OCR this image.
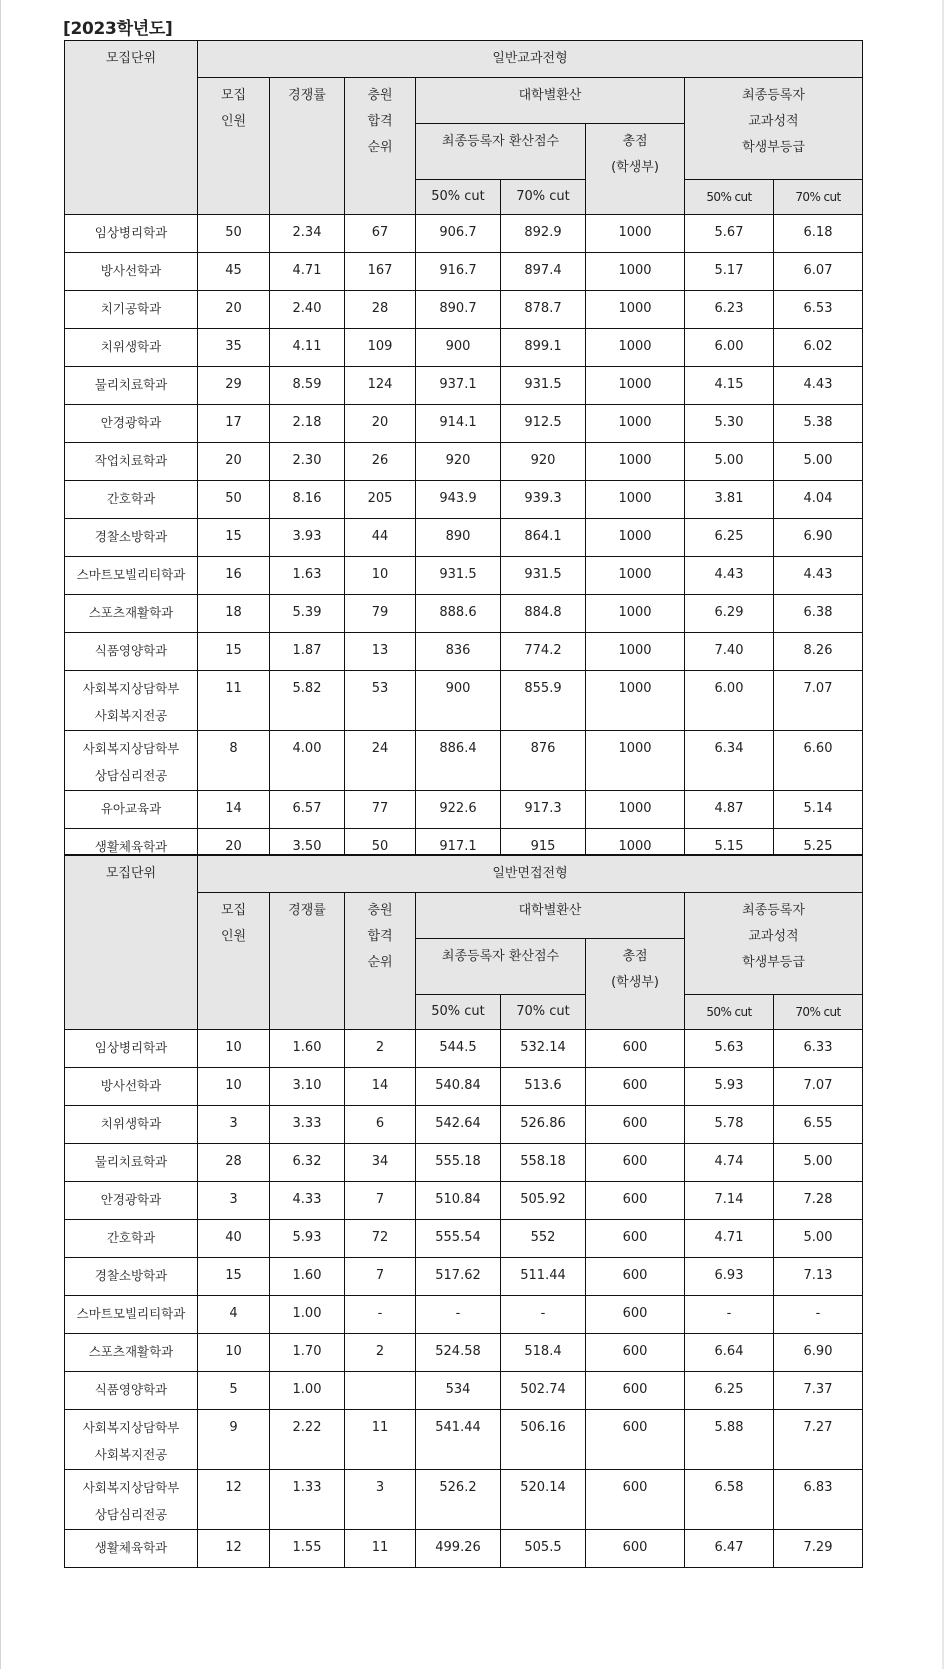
[2023학년도]
모집단위	일반교과전형							
	모집
인원	경쟁률	충원
합격
순위	대학별환산			최종등록자
교과성적
학생부등급	
				최종등록자 환산점수		총점
(학생부)		
				50% cut	70% cut		50% cut	70% cut
임상병리학과	50	2.34	67	906.7	892.9	1000	5.67	6.18
방사선학과	45	4.71	167	916.7	897.4	1000	5.17	6.07
치기공학과	20	2.40	28	890.7	878.7	1000	6.23	6.53
치위생학과	35	4.11	109	900	899.1	1000	6.00	6.02
물리치료학과	29	8.59	124	937.1	931.5	1000	4.15	4.43
안경광학과	17	2.18	20	914.1	912.5	1000	5.30	5.38
작업치료학과	20	2.30	26	920	920	1000	5.00	5.00
간호학과	50	8.16	205	943.9	939.3	1000	3.81	4.04
경찰소방학과	15	3.93	44	890	864.1	1000	6.25	6.90
스마트모빌리티학과	16	1.63	10	931.5	931.5	1000	4.43	4.43
스포츠재활학과	18	5.39	79	888.6	884.8	1000	6.29	6.38
식품영양학과	15	1.87	13	836	774.2	1000	7.40	8.26
사회복지상담학부
사회복지전공	11	5.82	53	900	855.9	1000	6.00	7.07
사회복지상담학부
상담심리전공	8	4.00	24	886.4	876	1000	6.34	6.60
유아교육과	14	6.57	77	922.6	917.3	1000	4.87	5.14
생활체육학과	20	3.50	50	917.1	915	1000	5.15	5.25
모집단위	일반면접전형							
	모집
인원	경쟁률	충원
합격
순위	대학별환산			최종등록자
교과성적
학생부등급	
				최종등록자 환산점수		총점
(학생부)		
				50% cut	70% cut		50% cut	70% cut
임상병리학과	10	1.60	2	544.5	532.14	600	5.63	6.33
방사선학과	10	3.10	14	540.84	513.6	600	5.93	7.07
치위생학과	3	3.33	6	542.64	526.86	600	5.78	6.55
물리치료학과	28	6.32	34	555.18	558.18	600	4.74	5.00
안경광학과	3	4.33	7	510.84	505.92	600	7.14	7.28
간호학과	40	5.93	72	555.54	552	600	4.71	5.00
경찰소방학과	15	1.60	7	517.62	511.44	600	6.93	7.13
스마트모빌리티학과	4	1.00	-	-	-	600	-	-
스포츠재활학과	10	1.70	2	524.58	518.4	600	6.64	6.90
식품영양학과	5	1.00		534	502.74	600	6.25	7.37
사회복지상담학부
사회복지전공	9	2.22	11	541.44	506.16	600	5.88	7.27
사회복지상담학부
상담심리전공	12	1.33	3	526.2	520.14	600	6.58	6.83
생활체육학과	12	1.55	11	499.26	505.5	600	6.47	7.29
